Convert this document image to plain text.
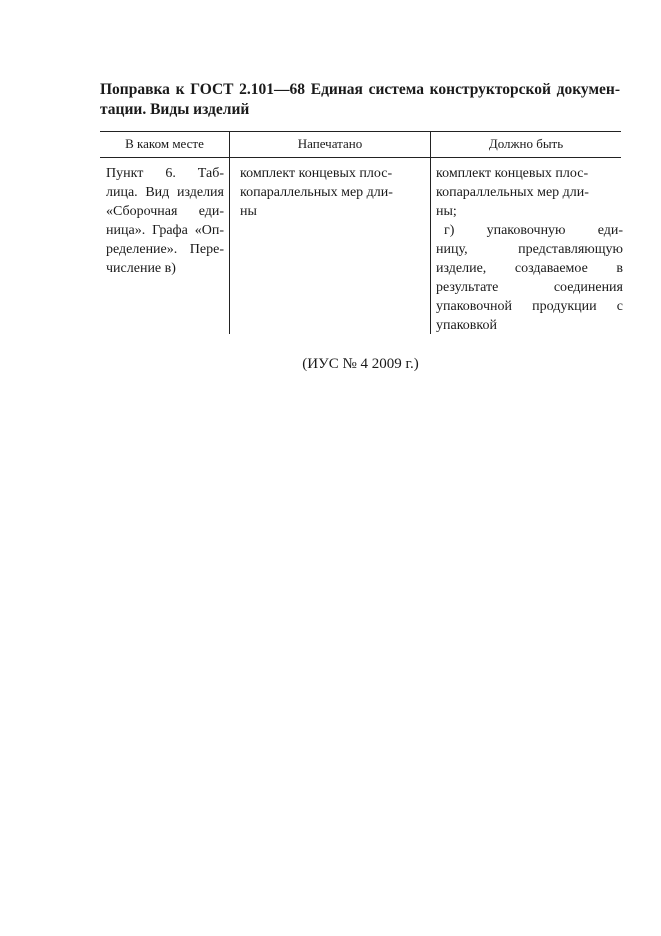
Поправка к ГОСТ 2.101—68 Единая система конструкторской докумен-
тации. Виды изделий
В каком месте	Напечатано	Должно быть
Пункт 6. Таб-
лица. Вид изделия
«Сборочная еди-
ница». Графа «Оп-
ределение». Пере-
числение в)
комплект концевых плос-
копараллельных мер дли-
ны
комплект концевых плос-
копараллельных мер дли-
ны;
г) упаковочную еди-
ницу, представляющую
изделие, создаваемое в
результате соединения
упаковочной продукции с
упаковкой
(ИУС № 4 2009 г.)
